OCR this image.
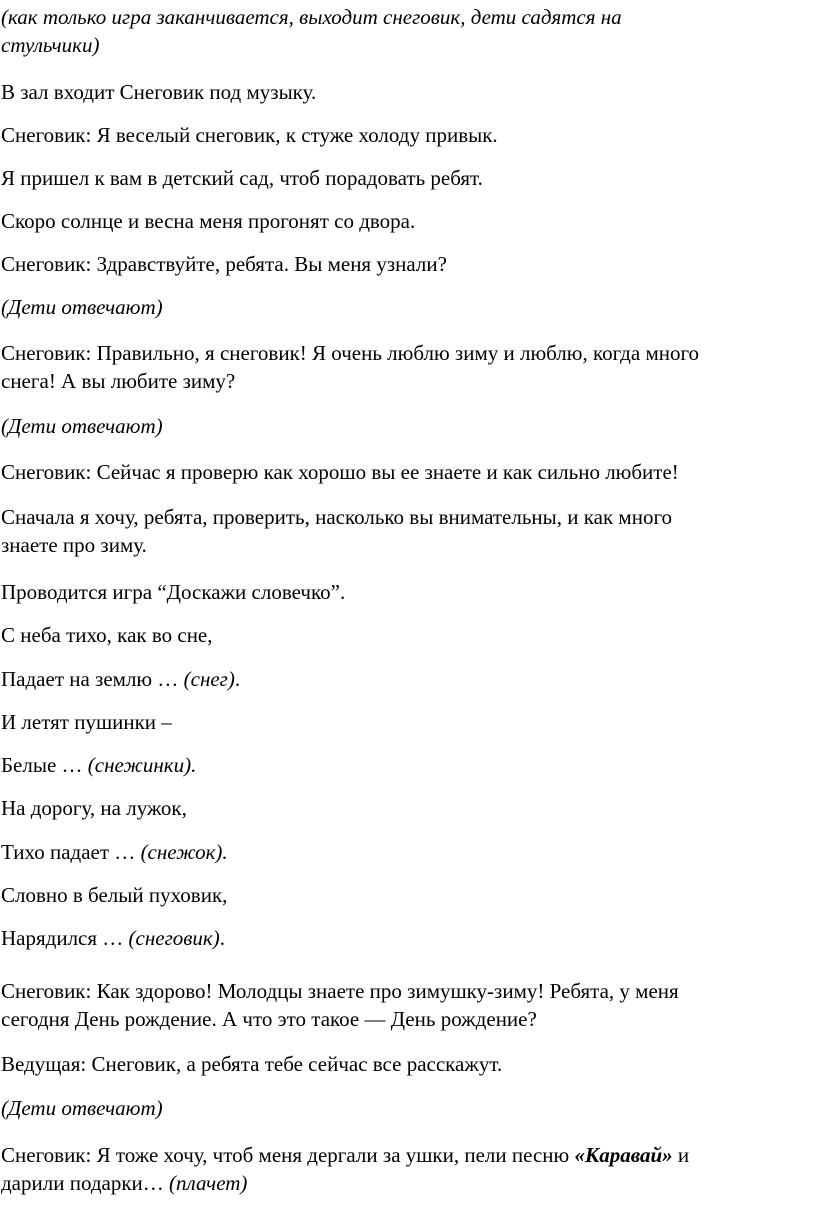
(как только игра заканчивается, выходит снеговик, дети садятся на
стульчики)
В зал входит Снеговик под музыку.
Снеговик: Я веселый снеговик, к стуже холоду привык.
Я пришел к вам в детский сад, чтоб порадовать ребят.
Скоро солнце и весна меня прогонят со двора.
Снеговик: Здравствуйте, ребята. Вы меня узнали?
(Дети отвечают)
Снеговик: Правильно, я снеговик! Я очень люблю зиму и люблю, когда много
снега! А вы любите зиму?
(Дети отвечают)
Снеговик: Сейчас я проверю как хорошо вы ее знаете и как сильно любите!
Сначала я хочу, ребята, проверить, насколько вы внимательны, и как много
знаете про зиму.
Проводится игра “Доскажи словечко”.
С неба тихо, как во сне,
Падает на землю … (снег).
И летят пушинки –
Белые … (снежинки).
На дорогу, на лужок,
Тихо падает … (снежок).
Словно в белый пуховик,
Нарядился … (снеговик).
Снеговик: Как здорово! Молодцы знаете про зимушку-зиму! Ребята, у меня
сегодня День рождение. А что это такое — День рождение?
Ведущая: Снеговик, а ребята тебе сейчас все расскажут.
(Дети отвечают)
Снеговик: Я тоже хочу, чтоб меня дергали за ушки, пели песню «Каравай» и
дарили подарки… (плачет)
